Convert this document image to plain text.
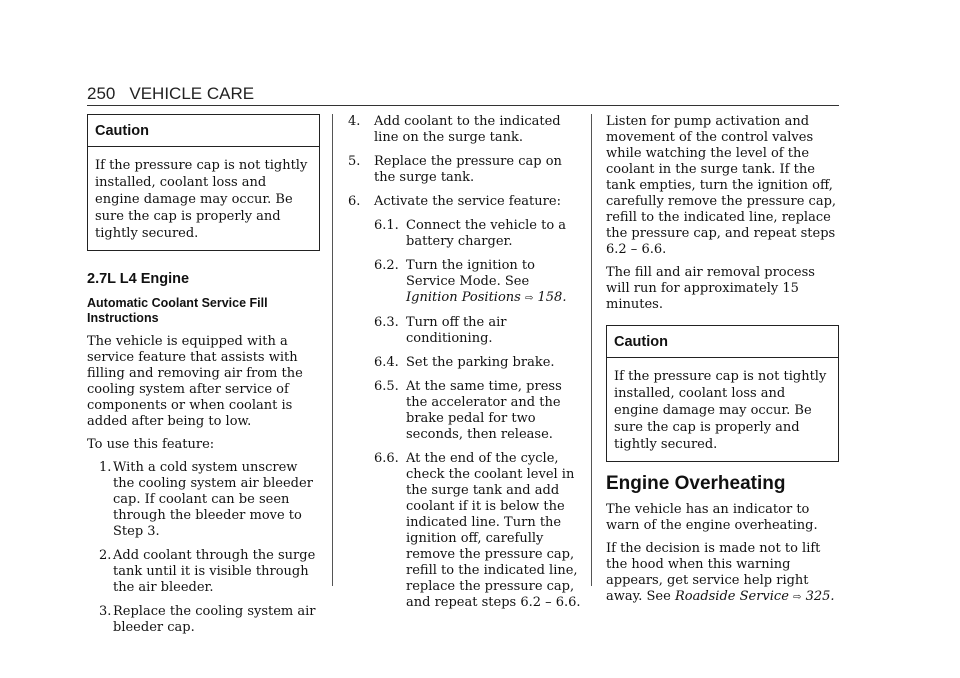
250 VEHICLE CARE
Caution
If the pressure cap is not tightly installed, coolant loss and engine damage may occur. Be sure the cap is properly and tightly secured.
2.7L L4 Engine
Automatic Coolant Service Fill Instructions

The vehicle is equipped with a service feature that assists with filling and removing air from the cooling system after service of components or when coolant is added after being to low.

To use this feature:

1. With a cold system unscrew the cooling system air bleeder cap. If coolant can be seen through the bleeder move to Step 3.
2. Add coolant through the surge tank until it is visible through the air bleeder.
3. Replace the cooling system air bleeder cap.
4. Add coolant to the indicated line on the surge tank.
5. Replace the pressure cap on the surge tank.
6. Activate the service feature:
6.1. Connect the vehicle to a battery charger.
6.2. Turn the ignition to Service Mode. See Ignition Positions ⇨ 158.
6.3. Turn off the air conditioning.
6.4. Set the parking brake.
6.5. At the same time, press the accelerator and the brake pedal for two seconds, then release.
6.6. At the end of the cycle, check the coolant level in the surge tank and add coolant if it is below the indicated line. Turn the ignition off, carefully remove the pressure cap, refill to the indicated line, replace the pressure cap, and repeat steps 6.2 – 6.6.

Listen for pump activation and movement of the control valves while watching the level of the coolant in the surge tank. If the tank empties, turn the ignition off, carefully remove the pressure cap, refill to the indicated line, replace the pressure cap, and repeat steps 6.2 – 6.6.

The fill and air removal process will run for approximately 15 minutes.

Caution
If the pressure cap is not tightly installed, coolant loss and engine damage may occur. Be sure the cap is properly and tightly secured.
Engine Overheating

The vehicle has an indicator to warn of the engine overheating.

If the decision is made not to lift the hood when this warning appears, get service help right away. See Roadside Service ⇨ 325.
